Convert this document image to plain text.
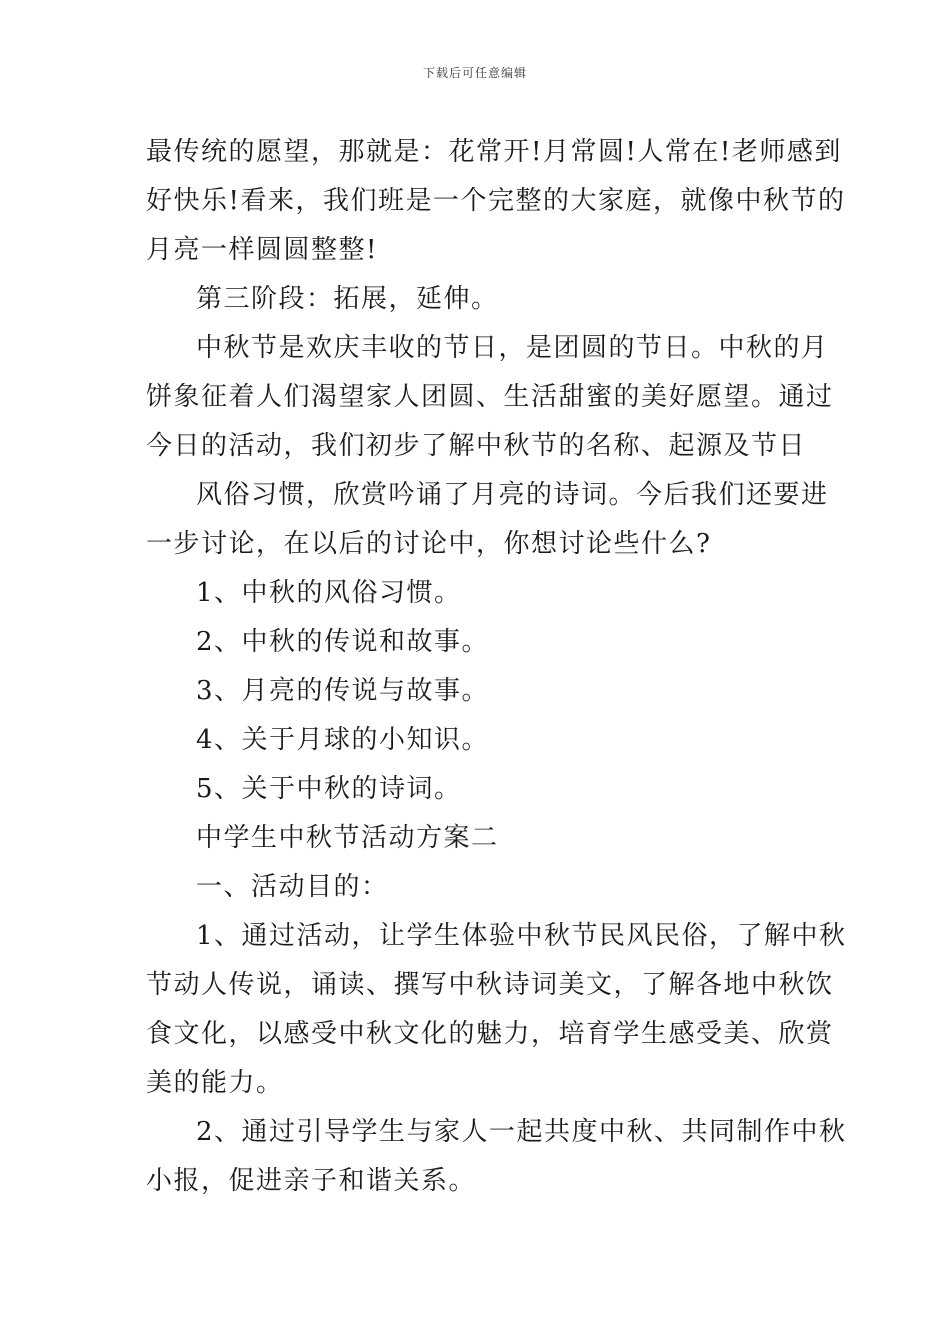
下载后可任意编辑
最传统的愿望，那就是：花常开!月常圆!人常在!老师感到
好快乐!看来，我们班是一个完整的大家庭，就像中秋节的
月亮一样圆圆整整!
第三阶段：拓展，延伸。
中秋节是欢庆丰收的节日，是团圆的节日。中秋的月
饼象征着人们渴望家人团圆、生活甜蜜的美好愿望。通过
今日的活动，我们初步了解中秋节的名称、起源及节日
风俗习惯，欣赏吟诵了月亮的诗词。今后我们还要进
一步讨论，在以后的讨论中，你想讨论些什么?
1、中秋的风俗习惯。
2、中秋的传说和故事。
3、月亮的传说与故事。
4、关于月球的小知识。
5、关于中秋的诗词。
中学生中秋节活动方案二
一、活动目的：
1、通过活动，让学生体验中秋节民风民俗，了解中秋
节动人传说，诵读、撰写中秋诗词美文，了解各地中秋饮
食文化，以感受中秋文化的魅力，培育学生感受美、欣赏
美的能力。
2、通过引导学生与家人一起共度中秋、共同制作中秋
小报，促进亲子和谐关系。
